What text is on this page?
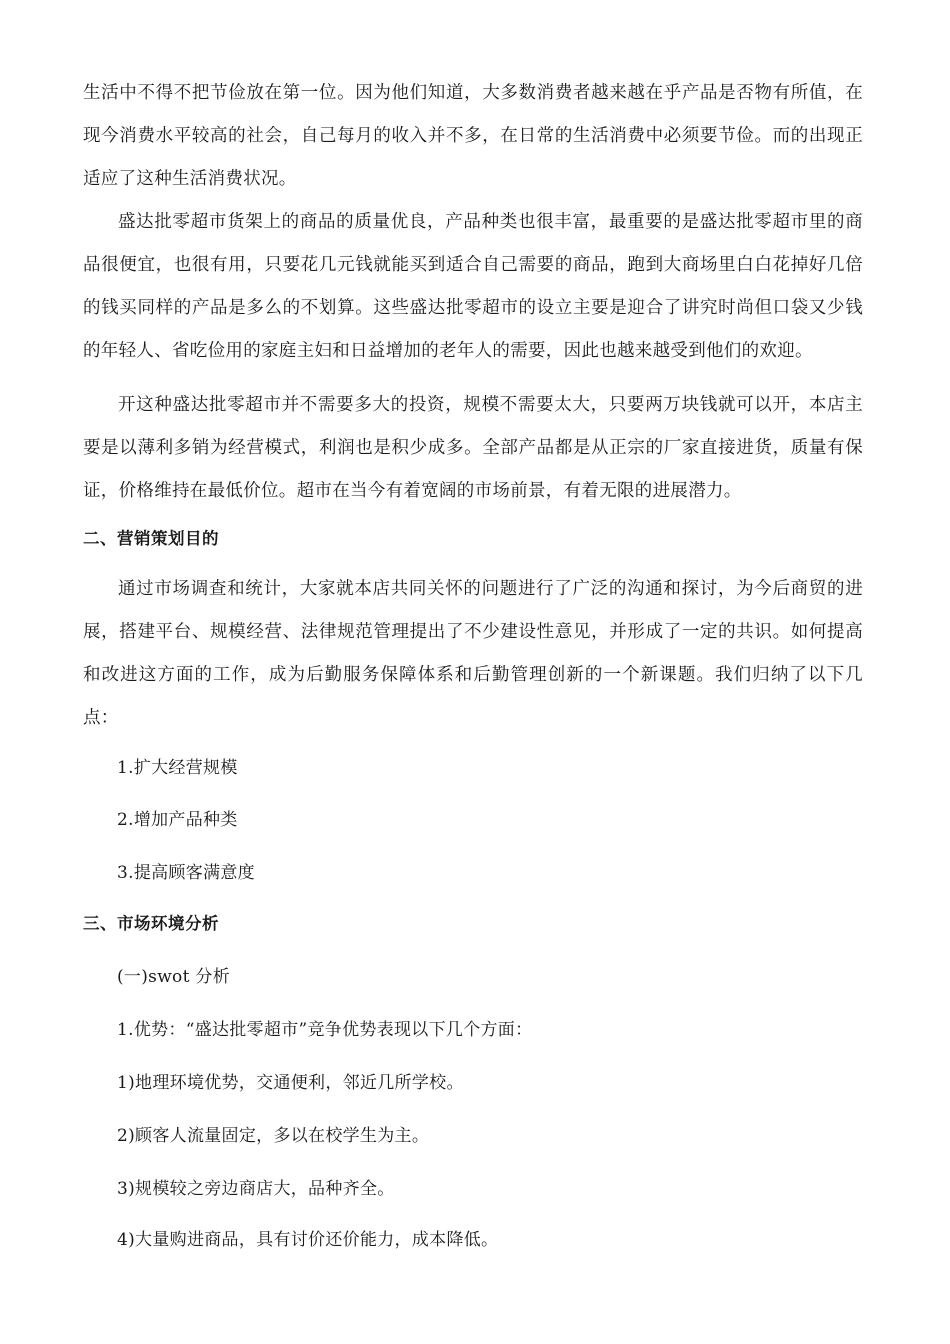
生活中不得不把节俭放在第一位。因为他们知道，大多数消费者越来越在乎产品是否物有所值，在现今消费水平较高的社会，自己每月的收入并不多，在日常的生活消费中必须要节俭。而的出现正适应了这种生活消费状况。

盛达批零超市货架上的商品的质量优良，产品种类也很丰富，最重要的是盛达批零超市里的商品很便宜，也很有用，只要花几元钱就能买到适合自己需要的商品，跑到大商场里白白花掉好几倍的钱买同样的产品是多么的不划算。这些盛达批零超市的设立主要是迎合了讲究时尚但口袋又少钱的年轻人、省吃俭用的家庭主妇和日益增加的老年人的需要，因此也越来越受到他们的欢迎。

开这种盛达批零超市并不需要多大的投资，规模不需要太大，只要两万块钱就可以开，本店主要是以薄利多销为经营模式，利润也是积少成多。全部产品都是从正宗的厂家直接进货，质量有保证，价格维持在最低价位。超市在当今有着宽阔的市场前景，有着无限的进展潜力。

二、营销策划目的

通过市场调查和统计，大家就本店共同关怀的问题进行了广泛的沟通和探讨，为今后商贸的进展，搭建平台、规模经营、法律规范管理提出了不少建设性意见，并形成了一定的共识。如何提高和改进这方面的工作，成为后勤服务保障体系和后勤管理创新的一个新课题。我们归纳了以下几点：

1.扩大经营规模

2.增加产品种类

3.提高顾客满意度

三、市场环境分析

(一)swot 分析

1.优势：“盛达批零超市”竞争优势表现以下几个方面：

1)地理环境优势，交通便利，邻近几所学校。

2)顾客人流量固定，多以在校学生为主。

3)规模较之旁边商店大，品种齐全。

4)大量购进商品，具有讨价还价能力，成本降低。
